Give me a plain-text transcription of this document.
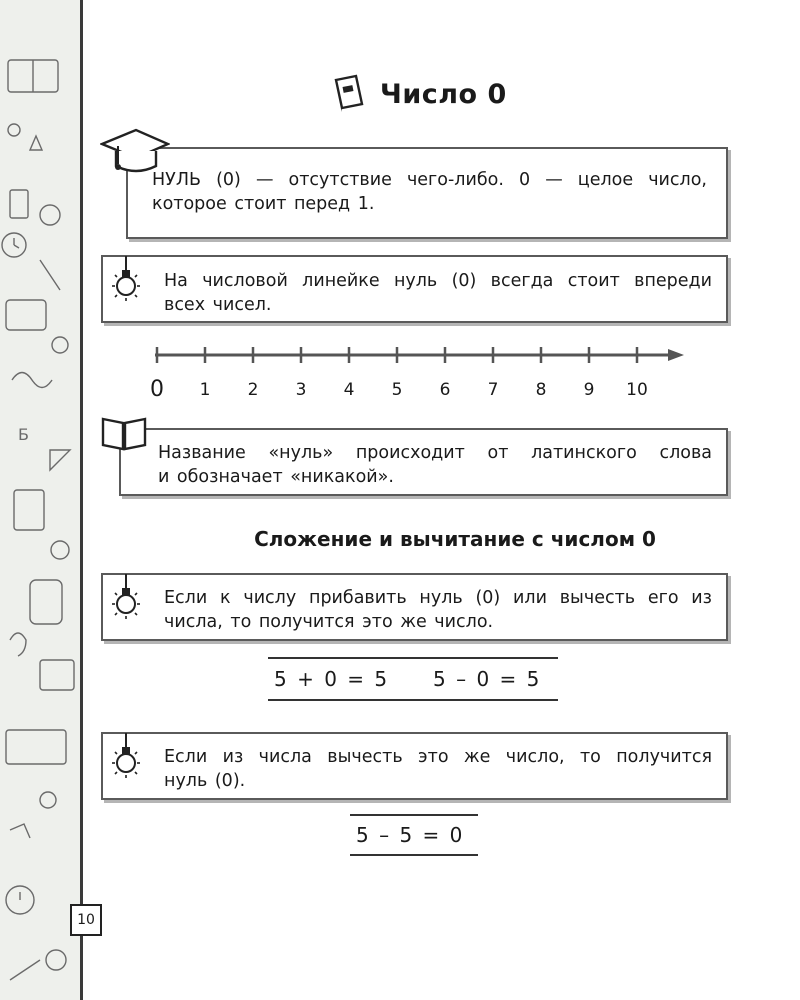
Б
10
Число 0
НУЛЬ (0) — отсутствие чего-либо. 0 — целое число,
которое стоит перед 1.
На числовой линейке нуль (0) всегда стоит впереди
всех чисел.
0 1 2 3 4 5 6 7 8 9 10
Название «нуль» происходит от латинского слова
и обозначает «никакой».
Сложение и вычитание с числом 0
Если к числу прибавить нуль (0) или вычесть его из
числа, то получится это же число.
5 + 0 = 5 5 – 0 = 5
Если из числа вычесть это же число, то получится
нуль (0).
5 – 5 = 0
